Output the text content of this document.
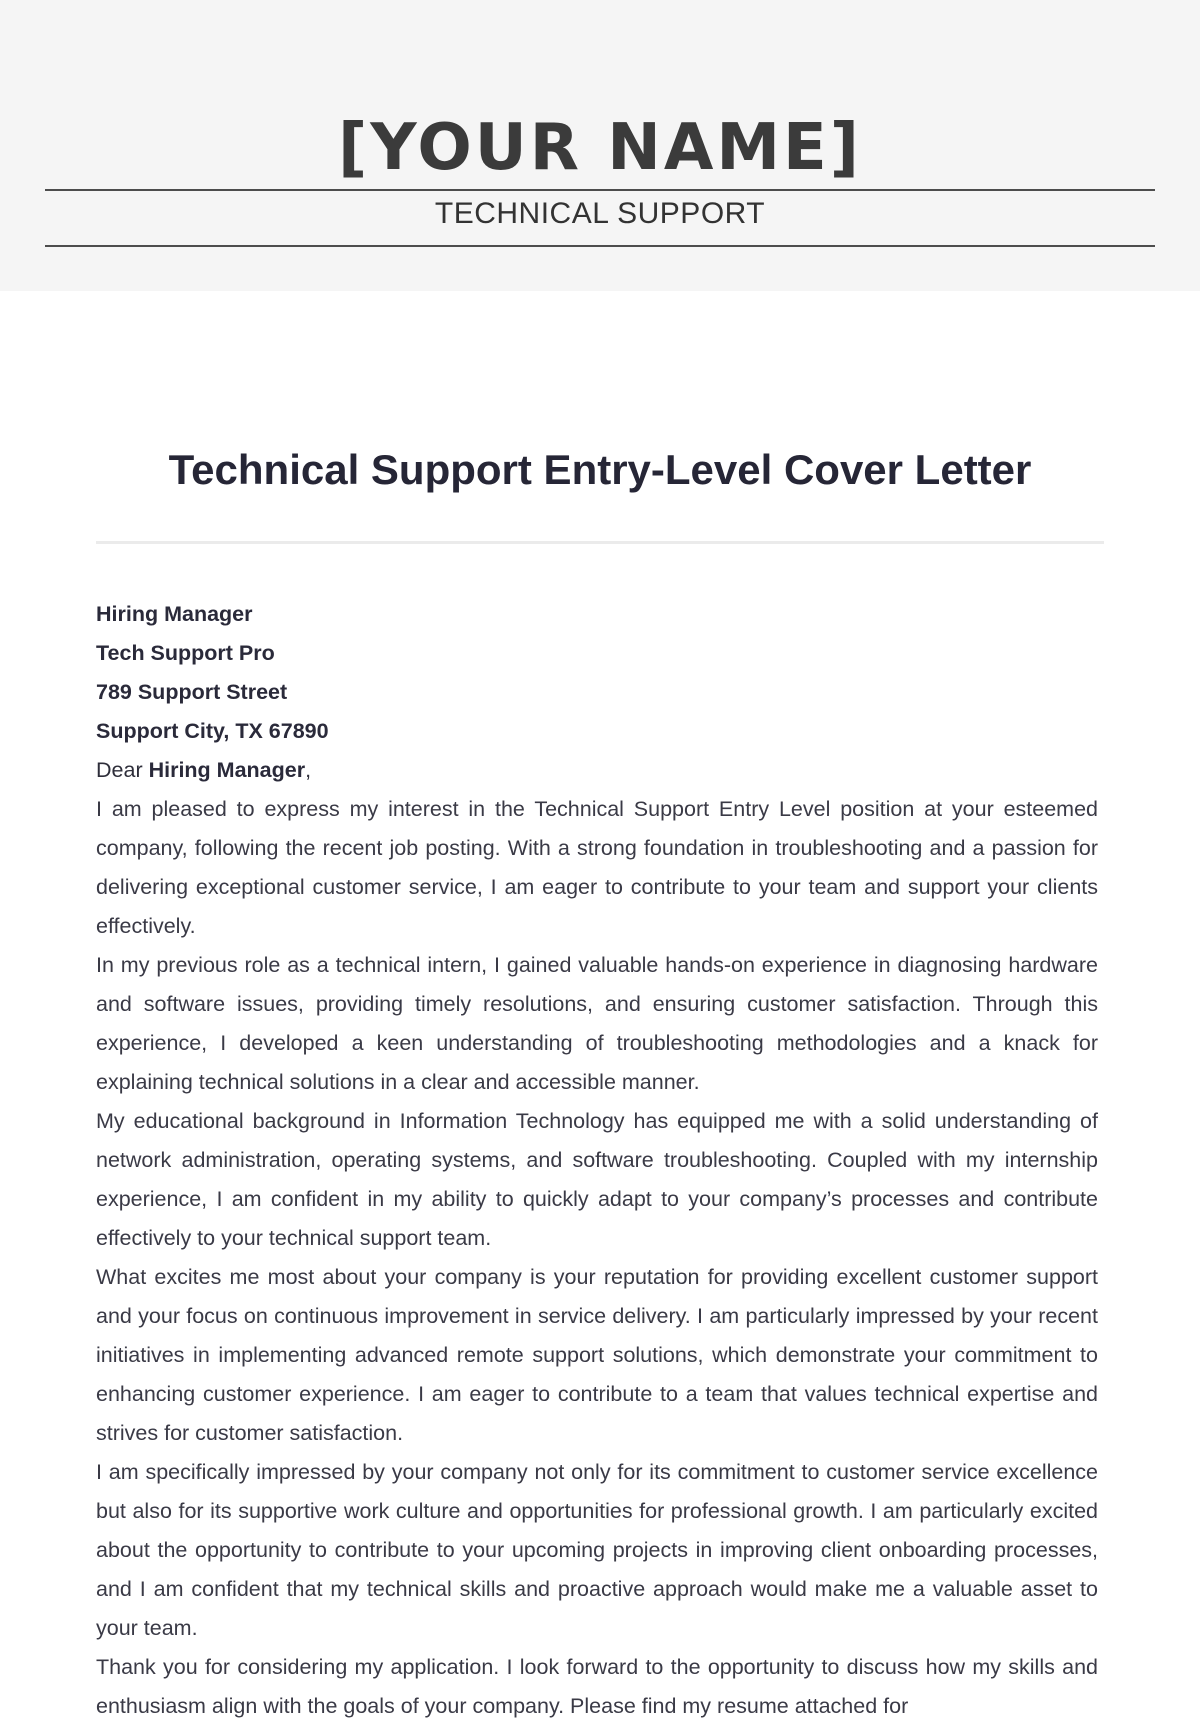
[YOUR NAME]
TECHNICAL SUPPORT
Technical Support Entry-Level Cover Letter

Hiring Manager

Tech Support Pro

789 Support Street

Support City, TX 67890

Dear Hiring Manager,

I am pleased to express my interest in the Technical Support Entry Level position at your esteemed company, following the recent job posting. With a strong foundation in troubleshooting and a passion for delivering exceptional customer service, I am eager to contribute to your team and support your clients effectively.

In my previous role as a technical intern, I gained valuable hands-on experience in diagnosing hardware and software issues, providing timely resolutions, and ensuring customer satisfaction. Through this experience, I developed a keen understanding of troubleshooting methodologies and a knack for explaining technical solutions in a clear and accessible manner.

My educational background in Information Technology has equipped me with a solid understanding of network administration, operating systems, and software troubleshooting. Coupled with my internship experience, I am confident in my ability to quickly adapt to your company’s processes and contribute effectively to your technical support team.

What excites me most about your company is your reputation for providing excellent customer support and your focus on continuous improvement in service delivery. I am particularly impressed by your recent initiatives in implementing advanced remote support solutions, which demonstrate your commitment to enhancing customer experience. I am eager to contribute to a team that values technical expertise and strives for customer satisfaction.

I am specifically impressed by your company not only for its commitment to customer service excellence but also for its supportive work culture and opportunities for professional growth. I am particularly excited about the opportunity to contribute to your upcoming projects in improving client onboarding processes, and I am confident that my technical skills and proactive approach would make me a valuable asset to your team.

Thank you for considering my application. I look forward to the opportunity to discuss how my skills and enthusiasm align with the goals of your company. Please find my resume attached for
